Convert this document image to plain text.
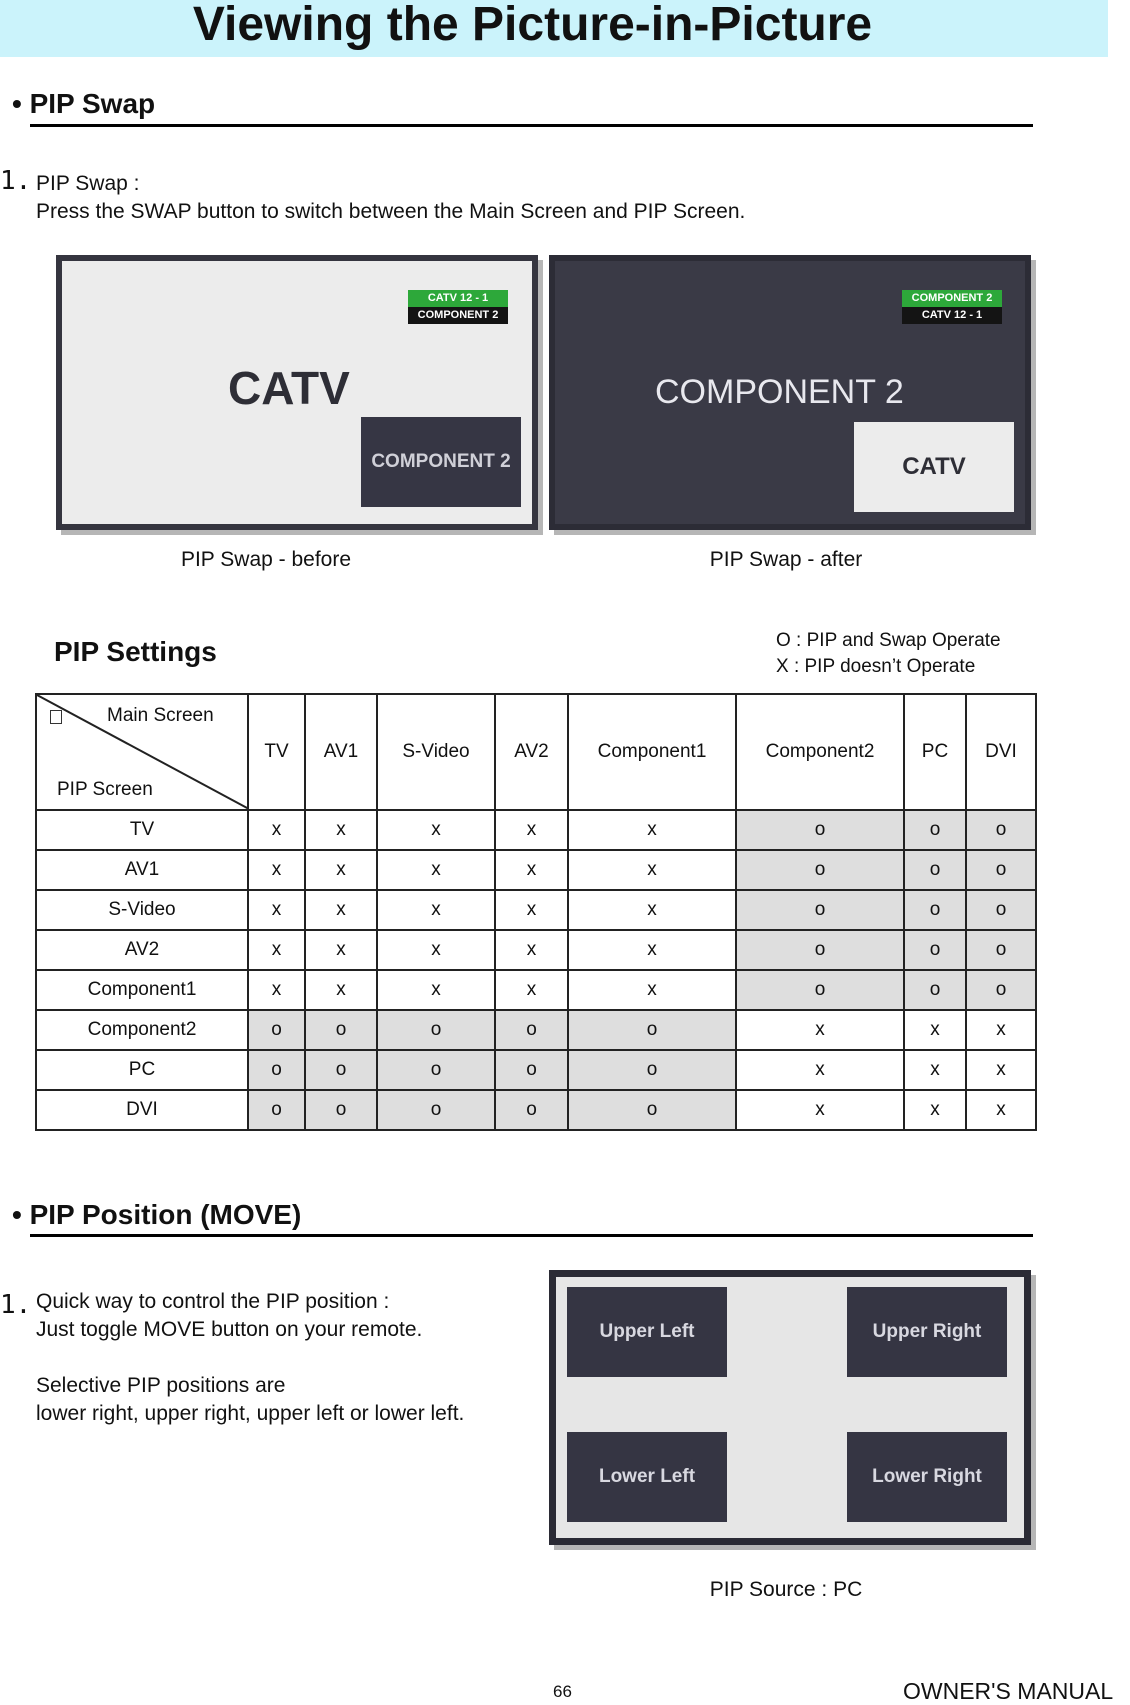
Viewing the Picture-in-Picture
• PIP Swap
1. PIP Swap :
Press the SWAP button to switch between the Main Screen and PIP Screen.
CATV 12 - 1
COMPONENT 2
CATV
COMPONENT 2
COMPONENT 2
CATV 12 - 1
COMPONENT 2
CATV
PIP Swap - before	PIP Swap - after
PIP Settings	O : PIP and Swap Operate
X : PIP doesn’t Operate
Main Screen
PIP Screen	TV	AV1	S-Video	AV2	Component1	Component2	PC	DVI
TV	x	x	x	x	x	o	o	o
AV1	x	x	x	x	x	o	o	o
S-Video	x	x	x	x	x	o	o	o
AV2	x	x	x	x	x	o	o	o
Component1	x	x	x	x	x	o	o	o
Component2	o	o	o	o	o	x	x	x
PC	o	o	o	o	o	x	x	x
DVI	o	o	o	o	o	x	x	x
• PIP Position (MOVE)
1. Quick way to control the PIP position :
Just toggle MOVE button on your remote.
Selective PIP positions are
lower right, upper right, upper left or lower left.
Upper Left	Upper Right
Lower Left	Lower Right
PIP Source : PC
66	OWNER'S MANUAL
